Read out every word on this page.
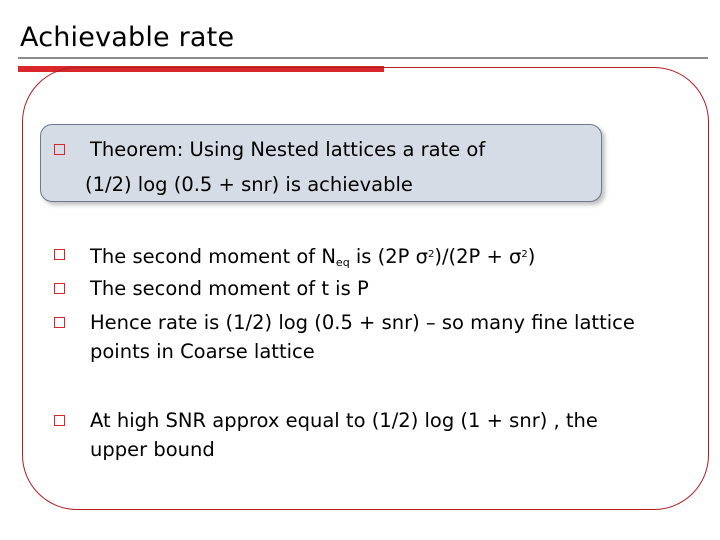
Achievable rate
Theorem: Using Nested lattices a rate of
(1/2) log (0.5 + snr) is achievable
The second moment of $N_{eq}$ is (2P $\sigma^2)/(2P + \sigma^2)$
The second moment of t is P
Hence rate is (1/2) log (0.5 + snr) – so many fine lattice
points in Coarse lattice
At high SNR approx equal to (1/2) log (1 + snr) , the
upper bound
